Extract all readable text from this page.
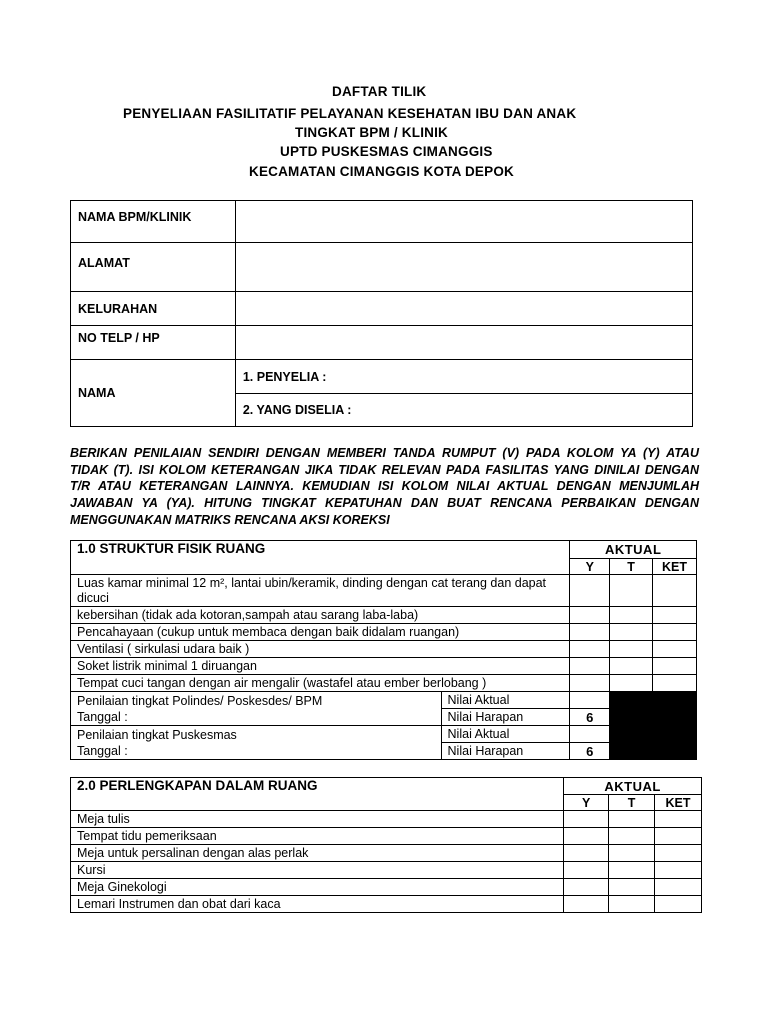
DAFTAR TILIK
PENYELIAAN FASILITATIF PELAYANAN KESEHATAN IBU DAN ANAK
TINGKAT BPM / KLINIK
UPTD PUSKESMAS CIMANGGIS
KECAMATAN CIMANGGIS KOTA DEPOK
NAMA BPM/KLINIK	
ALAMAT	
KELURAHAN	
NO TELP / HP	
NAMA	1. PENYELIA :
	2. YANG DISELIA :
BERIKAN PENILAIAN SENDIRI DENGAN MEMBERI TANDA RUMPUT (V) PADA KOLOM YA (Y) ATAU TIDAK (T). ISI KOLOM KETERANGAN JIKA TIDAK RELEVAN PADA FASILITAS YANG DINILAI DENGAN T/R ATAU KETERANGAN LAINNYA. KEMUDIAN ISI KOLOM NILAI AKTUAL DENGAN MENJUMLAH JAWABAN YA (YA). HITUNG TINGKAT KEPATUHAN DAN BUAT RENCANA PERBAIKAN DENGAN MENGGUNAKAN MATRIKS RENCANA AKSI KOREKSI
1.0 STRUKTUR FISIK RUANG		AKTUAL		
		Y	T	KET
Luas kamar minimal 12 m², lantai ubin/keramik, dinding dengan cat terang dan dapat dicuci				
kebersihan (tidak ada kotoran,sampah atau sarang laba-laba)				
Pencahayaan (cukup untuk membaca dengan baik didalam ruangan)				
Ventilasi ( sirkulasi udara baik )				
Soket listrik minimal 1 diruangan				
Tempat cuci tangan dengan air mengalir (wastafel atau ember berlobang )				

Penilaian tingkat Polindes/ Poskesdes/ BPM
Tanggal :	Nilai Aktual			
	Nilai Harapan	6		

Penilaian tingkat Puskesmas
Tanggal :	Nilai Aktual			
	Nilai Harapan	6		
2.0 PERLENGKAPAN DALAM RUANG	AKTUAL		
	Y	T	KET
Meja tulis			
Tempat tidu pemeriksaan			
Meja untuk persalinan dengan alas perlak			
Kursi			
Meja Ginekologi			
Lemari Instrumen dan obat dari kaca			
